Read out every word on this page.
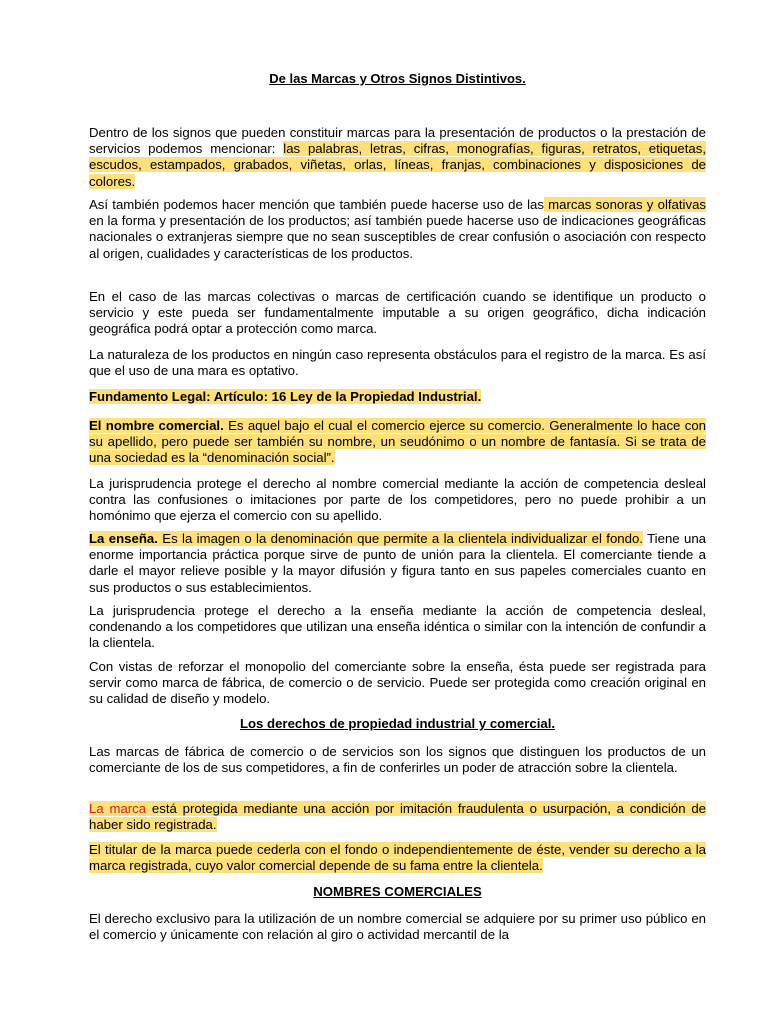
De las Marcas y Otros Signos Distintivos.

Dentro de los signos que pueden constituir marcas para la presentación de productos o la prestación de servicios podemos mencionar: las palabras, letras, cifras, monografías, figuras, retratos, etiquetas, escudos, estampados, grabados, viñetas, orlas, líneas, franjas, combinaciones y disposiciones de colores.

Así también podemos hacer mención que también puede hacerse uso de las marcas sonoras y olfativas en la forma y presentación de los productos; así también puede hacerse uso de indicaciones geográficas nacionales o extranjeras siempre que no sean susceptibles de crear confusión o asociación con respecto al origen, cualidades y características de los productos.

En el caso de las marcas colectivas o marcas de certificación cuando se identifique un producto o servicio y este pueda ser fundamentalmente imputable a su origen geográfico, dicha indicación geográfica podrá optar a protección como marca.

La naturaleza de los productos en ningún caso representa obstáculos para el registro de la marca. Es así que el uso de una mara es optativo.

Fundamento Legal: Artículo: 16 Ley de la Propiedad Industrial.

El nombre comercial. Es aquel bajo el cual el comercio ejerce su comercio. Generalmente lo hace con su apellido, pero puede ser también su nombre, un seudónimo o un nombre de fantasía. Si se trata de una sociedad es la “denominación social”.

La jurisprudencia protege el derecho al nombre comercial mediante la acción de competencia desleal contra las confusiones o imitaciones por parte de los competidores, pero no puede prohibir a un homónimo que ejerza el comercio con su apellido.

La enseña. Es la imagen o la denominación que permite a la clientela individualizar el fondo. Tiene una enorme importancia práctica porque sirve de punto de unión para la clientela. El comerciante tiende a darle el mayor relieve posible y la mayor difusión y figura tanto en sus papeles comerciales cuanto en sus productos o sus establecimientos.

La jurisprudencia protege el derecho a la enseña mediante la acción de competencia desleal, condenando a los competidores que utilizan una enseña idéntica o similar con la intención de confundir a la clientela.

Con vistas de reforzar el monopolio del comerciante sobre la enseña, ésta puede ser registrada para servir como marca de fábrica, de comercio o de servicio. Puede ser protegida como creación original en su calidad de diseño y modelo.

Los derechos de propiedad industrial y comercial.

Las marcas de fábrica de comercio o de servicios son los signos que distinguen los productos de un comerciante de los de sus competidores, a fin de conferirles un poder de atracción sobre la clientela.

La marca está protegida mediante una acción por imitación fraudulenta o usurpación, a condición de haber sido registrada.

El titular de la marca puede cederla con el fondo o independientemente de éste, vender su derecho a la marca registrada, cuyo valor comercial depende de su fama entre la clientela.

NOMBRES COMERCIALES

El derecho exclusivo para la utilización de un nombre comercial se adquiere por su primer uso público en el comercio y únicamente con relación al giro o actividad mercantil de la
